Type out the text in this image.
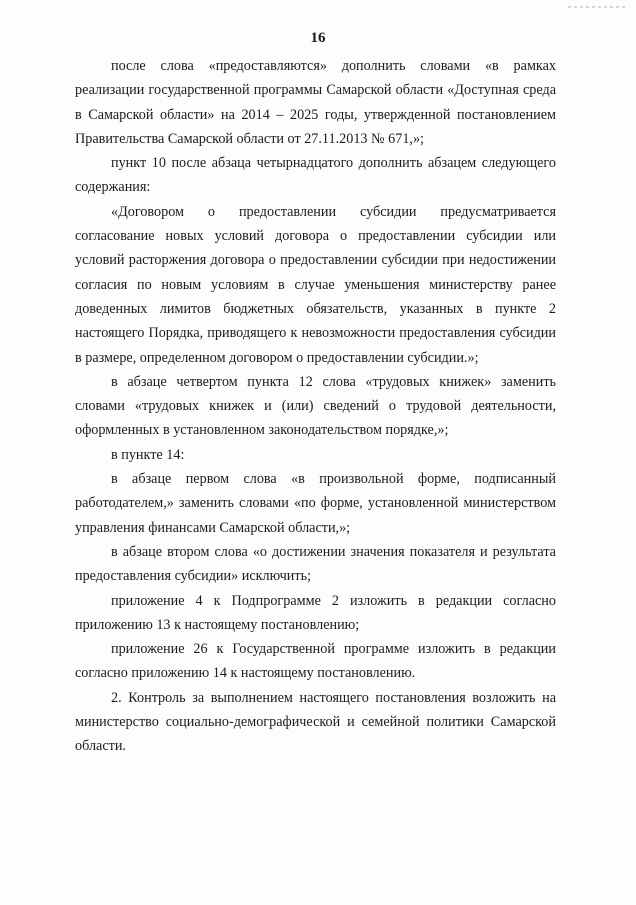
16

после слова «предоставляются» дополнить словами «в рамках реализации государственной программы Самарской области «Доступная среда в Самарской области» на 2014 – 2025 годы, утвержденной постановлением Правительства Самарской области от 27.11.2013 № 671,»;

пункт 10 после абзаца четырнадцатого дополнить абзацем следующего содержания:

«Договором о предоставлении субсидии предусматривается согласование новых условий договора о предоставлении субсидии или условий расторжения договора о предоставлении субсидии при недостижении согласия по новым условиям в случае уменьшения министерству ранее доведенных лимитов бюджетных обязательств, указанных в пункте 2 настоящего Порядка, приводящего к невозможности предоставления субсидии в размере, определенном договором о предоставлении субсидии.»;

в абзаце четвертом пункта 12 слова «трудовых книжек» заменить словами «трудовых книжек и (или) сведений о трудовой деятельности, оформленных в установленном законодательством порядке,»;

в пункте 14:

в абзаце первом слова «в произвольной форме, подписанный работодателем,» заменить словами «по форме, установленной министерством управления финансами Самарской области,»;

в абзаце втором слова «о достижении значения показателя и результата предоставления субсидии» исключить;

приложение 4 к Подпрограмме 2 изложить в редакции согласно приложению 13 к настоящему постановлению;

приложение 26 к Государственной программе изложить в редакции согласно приложению 14 к настоящему постановлению.

2. Контроль за выполнением настоящего постановления возложить на министерство социально-демографической и семейной политики Самарской области.
